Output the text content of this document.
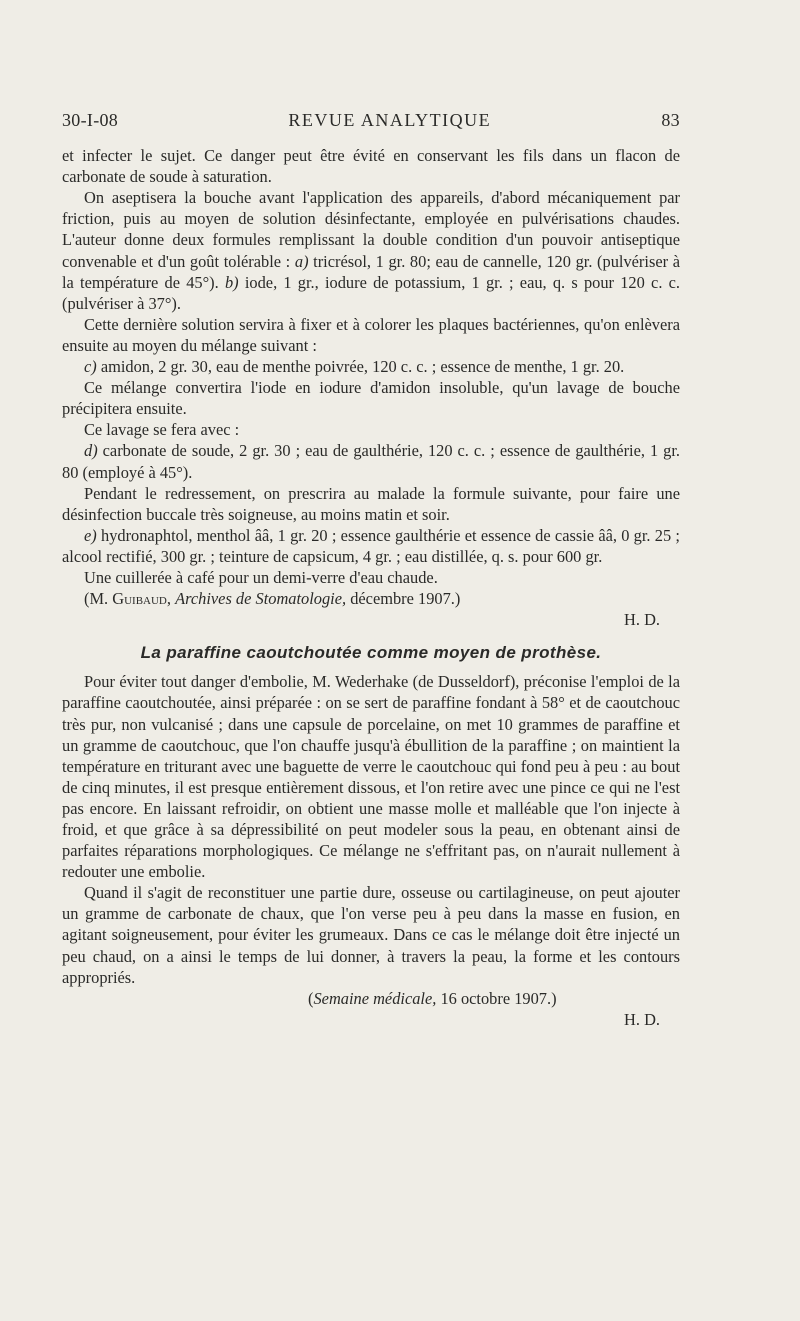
30-I-08	REVUE ANALYTIQUE	83

et infecter le sujet. Ce danger peut être évité en conservant les fils dans un flacon de carbonate de soude à saturation.

On aseptisera la bouche avant l'application des appareils, d'abord mécaniquement par friction, puis au moyen de solution désinfectante, employée en pulvérisations chaudes. L'auteur donne deux formules remplissant la double condition d'un pouvoir antiseptique convenable et d'un goût tolérable : a) tricrésol, 1 gr. 80; eau de cannelle, 120 gr. (pulvériser à la température de 45°). b) iode, 1 gr., iodure de potassium, 1 gr. ; eau, q. s pour 120 c. c. (pulvériser à 37°).

Cette dernière solution servira à fixer et à colorer les plaques bactériennes, qu'on enlèvera ensuite au moyen du mélange suivant :

c) amidon, 2 gr. 30, eau de menthe poivrée, 120 c. c. ; essence de menthe, 1 gr. 20.

Ce mélange convertira l'iode en iodure d'amidon insoluble, qu'un lavage de bouche précipitera ensuite.

Ce lavage se fera avec :

d) carbonate de soude, 2 gr. 30 ; eau de gaulthérie, 120 c. c. ; essence de gaulthérie, 1 gr. 80 (employé à 45°).

Pendant le redressement, on prescrira au malade la formule suivante, pour faire une désinfection buccale très soigneuse, au moins matin et soir.

e) hydronaphtol, menthol ââ, 1 gr. 20 ; essence gaulthérie et essence de cassie ââ, 0 gr. 25 ; alcool rectifié, 300 gr. ; teinture de capsicum, 4 gr. ; eau distillée, q. s. pour 600 gr.

Une cuillerée à café pour un demi-verre d'eau chaude.

(M. Guibaud, Archives de Stomatologie, décembre 1907.)

H. D.

La paraffine caoutchoutée comme moyen de prothèse.

Pour éviter tout danger d'embolie, M. Wederhake (de Dusseldorf), préconise l'emploi de la paraffine caoutchoutée, ainsi préparée : on se sert de paraffine fondant à 58° et de caoutchouc très pur, non vulcanisé ; dans une capsule de porcelaine, on met 10 grammes de paraffine et un gramme de caoutchouc, que l'on chauffe jusqu'à ébullition de la paraffine ; on maintient la température en triturant avec une baguette de verre le caoutchouc qui fond peu à peu : au bout de cinq minutes, il est presque entièrement dissous, et l'on retire avec une pince ce qui ne l'est pas encore. En laissant refroidir, on obtient une masse molle et malléable que l'on injecte à froid, et que grâce à sa dépressibilité on peut modeler sous la peau, en obtenant ainsi de parfaites réparations morphologiques. Ce mélange ne s'effritant pas, on n'aurait nullement à redouter une embolie.

Quand il s'agit de reconstituer une partie dure, osseuse ou cartilagineuse, on peut ajouter un gramme de carbonate de chaux, que l'on verse peu à peu dans la masse en fusion, en agitant soigneusement, pour éviter les grumeaux. Dans ce cas le mélange doit être injecté un peu chaud, on a ainsi le temps de lui donner, à travers la peau, la forme et les contours appropriés.

(Semaine médicale, 16 octobre 1907.)

H. D.
